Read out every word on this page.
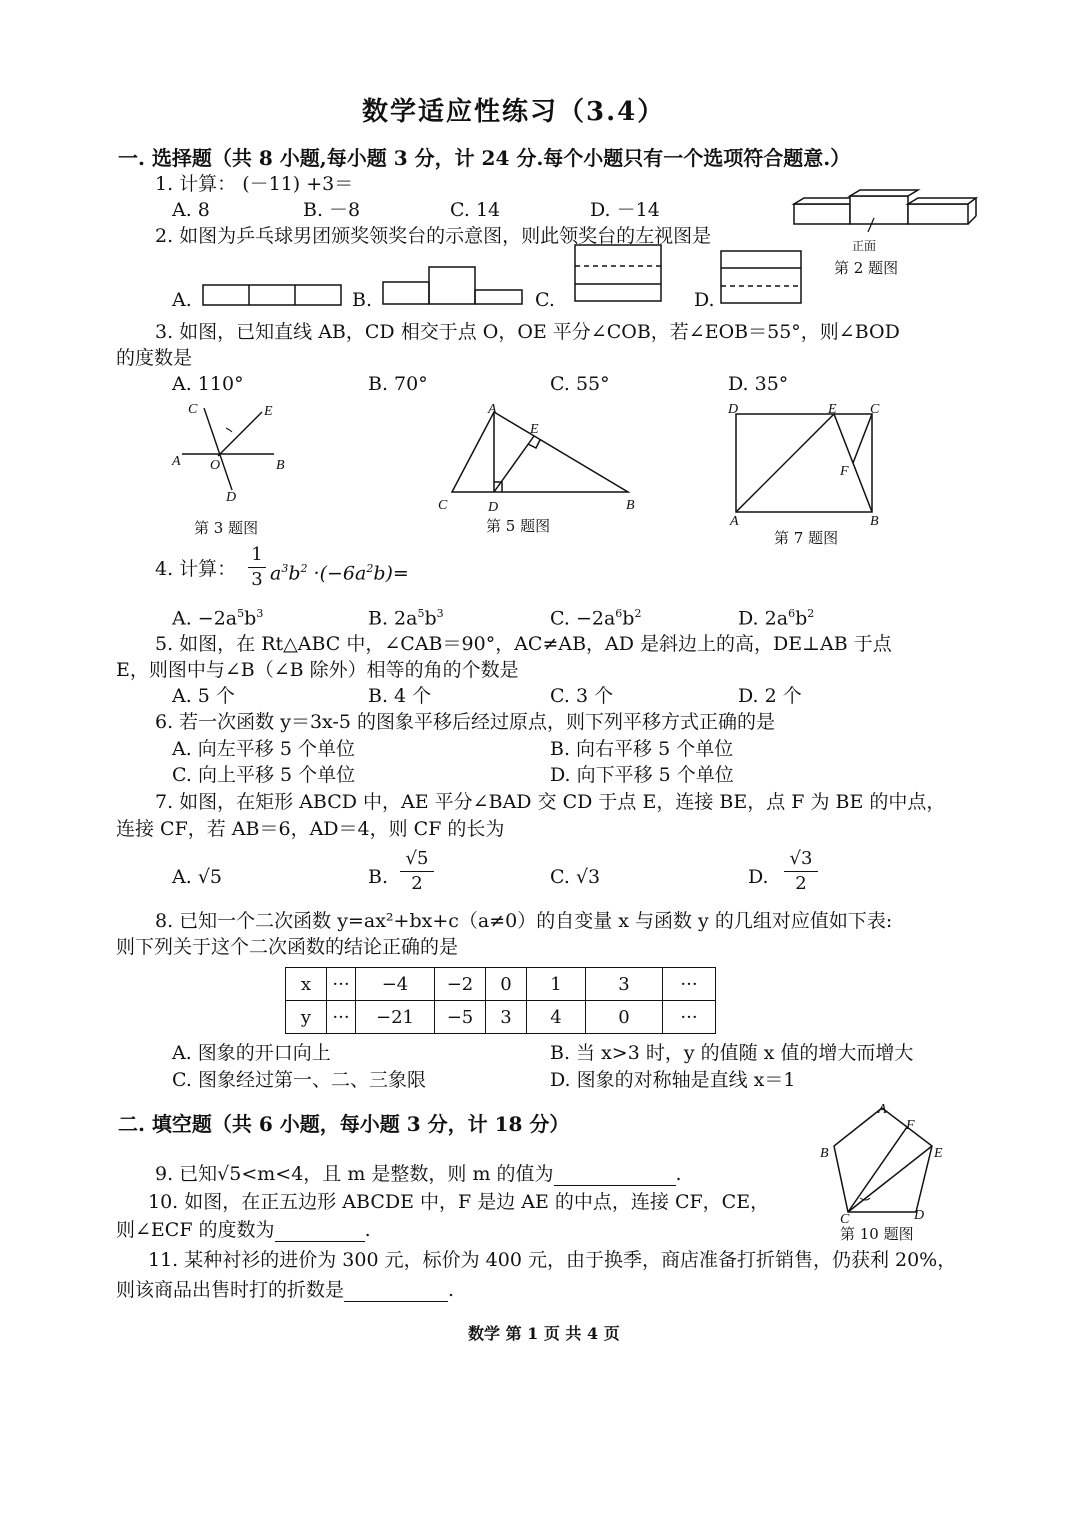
数学适应性练习（3.4）
一. 选择题（共 8 小题,每小题 3 分，计 24 分.每个小题只有一个选项符合题意.）
1. 计算： (－11) +3＝
A. 8	B. －8	C. 14	D. －14
正面
第 2 题图
2. 如图为乒乓球男团颁奖领奖台的示意图，则此领奖台的左视图是
A.	B.	C.	D.
3. 如图，已知直线 AB，CD 相交于点 O，OE 平分∠COB，若∠EOB＝55°，则∠BOD
的度数是
A. 110°	B. 70°	C. 55°	D. 35°
C	E
A O	B
D
第 3 题图
A
E
C	D	B
第 5 题图
D	E C
F
A	B
第 7 题图
4. 计算：
1
3 $a^3b^2 \cdot(-6a^2b)=$
A. $-2a^5b^3$	B. $2a^5b^3$	C. $-2a^6b^2$	D. $2a^6b^2$
5. 如图，在 Rt△ABC 中，∠CAB＝90°，AC≠AB，AD 是斜边上的高，DE⊥AB 于点
E，则图中与∠B（∠B 除外）相等的角的个数是
A. 5 个	B. 4 个	C. 3 个	D. 2 个
6. 若一次函数 y＝3x-5 的图象平移后经过原点，则下列平移方式正确的是
A. 向左平移 5 个单位	B. 向右平移 5 个单位
C. 向上平移 5 个单位	D. 向下平移 5 个单位
7. 如图，在矩形 ABCD 中，AE 平分∠BAD 交 CD 于点 E，连接 BE，点 F 为 BE 的中点，
连接 CF，若 AB＝6，AD＝4，则 CF 的长为
A. √5	B.
√5
2	C. √3	D.
√3
2
8. 已知一个二次函数 y=ax²+bx+c（a≠0）的自变量 x 与函数 y 的几组对应值如下表:
则下列关于这个二次函数的结论正确的是
x	···	−4	−2	0	1	3	···
y	···	−21	−5	3	4	0	···
A. 图象的开口向上	B. 当 x>3 时，y 的值随 x 值的增大而增大
C. 图象经过第一、二、三象限	D. 图象的对称轴是直线 x＝1
二. 填空题（共 6 小题，每小题 3 分，计 18 分）
A
F
B	E
C	D
第 10 题图
9. 已知√5<m<4，且 m 是整数，则 m 的值为	.
10. 如图，在正五边形 ABCDE 中，F 是边 AE 的中点，连接 CF，CE，
则∠ECF 的度数为	.
11. 某种衬衫的进价为 300 元，标价为 400 元，由于换季，商店准备打折销售，仍获利 20%，
则该商品出售时打的折数是	.
数学 第 1 页 共 4 页
